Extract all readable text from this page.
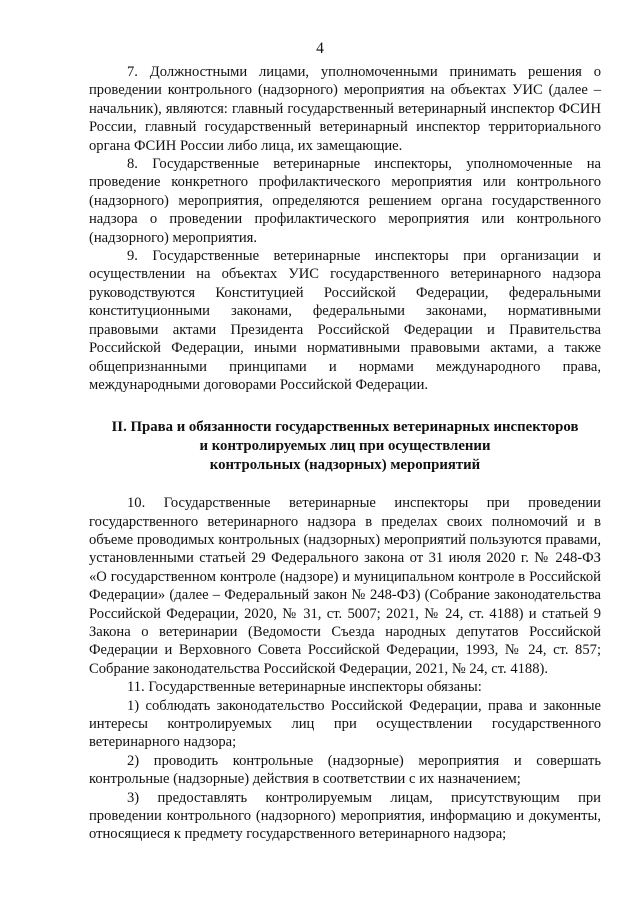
4

7. Должностными лицами, уполномоченными принимать решения о проведении контрольного (надзорного) мероприятия на объектах УИС (далее – начальник), являются: главный государственный ветеринарный инспектор ФСИН России, главный государственный ветеринарный инспектор территориального органа ФСИН России либо лица, их замещающие.

8. Государственные ветеринарные инспекторы, уполномоченные на проведение конкретного профилактического мероприятия или контрольного (надзорного) мероприятия, определяются решением органа государственного надзора о проведении профилактического мероприятия или контрольного (надзорного) мероприятия.

9. Государственные ветеринарные инспекторы при организации и осуществлении на объектах УИС государственного ветеринарного надзора руководствуются Конституцией Российской Федерации, федеральными конституционными законами, федеральными законами, нормативными правовыми актами Президента Российской Федерации и Правительства Российской Федерации, иными нормативными правовыми актами, а также общепризнанными принципами и нормами международного права, международными договорами Российской Федерации.

II. Права и обязанности государственных ветеринарных инспекторов
и контролируемых лиц при осуществлении
контрольных (надзорных) мероприятий

10. Государственные ветеринарные инспекторы при проведении государственного ветеринарного надзора в пределах своих полномочий и в объеме проводимых контрольных (надзорных) мероприятий пользуются правами, установленными статьей 29 Федерального закона от 31 июля 2020 г. № 248-ФЗ «О государственном контроле (надзоре) и муниципальном контроле в Российской Федерации» (далее – Федеральный закон № 248-ФЗ) (Собрание законодательства Российской Федерации, 2020, № 31, ст. 5007; 2021, № 24, ст. 4188) и статьей 9 Закона о ветеринарии (Ведомости Съезда народных депутатов Российской Федерации и Верховного Совета Российской Федерации, 1993, № 24, ст. 857; Собрание законодательства Российской Федерации, 2021, № 24, ст. 4188).

11. Государственные ветеринарные инспекторы обязаны:

1) соблюдать законодательство Российской Федерации, права и законные интересы контролируемых лиц при осуществлении государственного ветеринарного надзора;

2) проводить контрольные (надзорные) мероприятия и совершать контрольные (надзорные) действия в соответствии с их назначением;

3) предоставлять контролируемым лицам, присутствующим при проведении контрольного (надзорного) мероприятия, информацию и документы, относящиеся к предмету государственного ветеринарного надзора;
